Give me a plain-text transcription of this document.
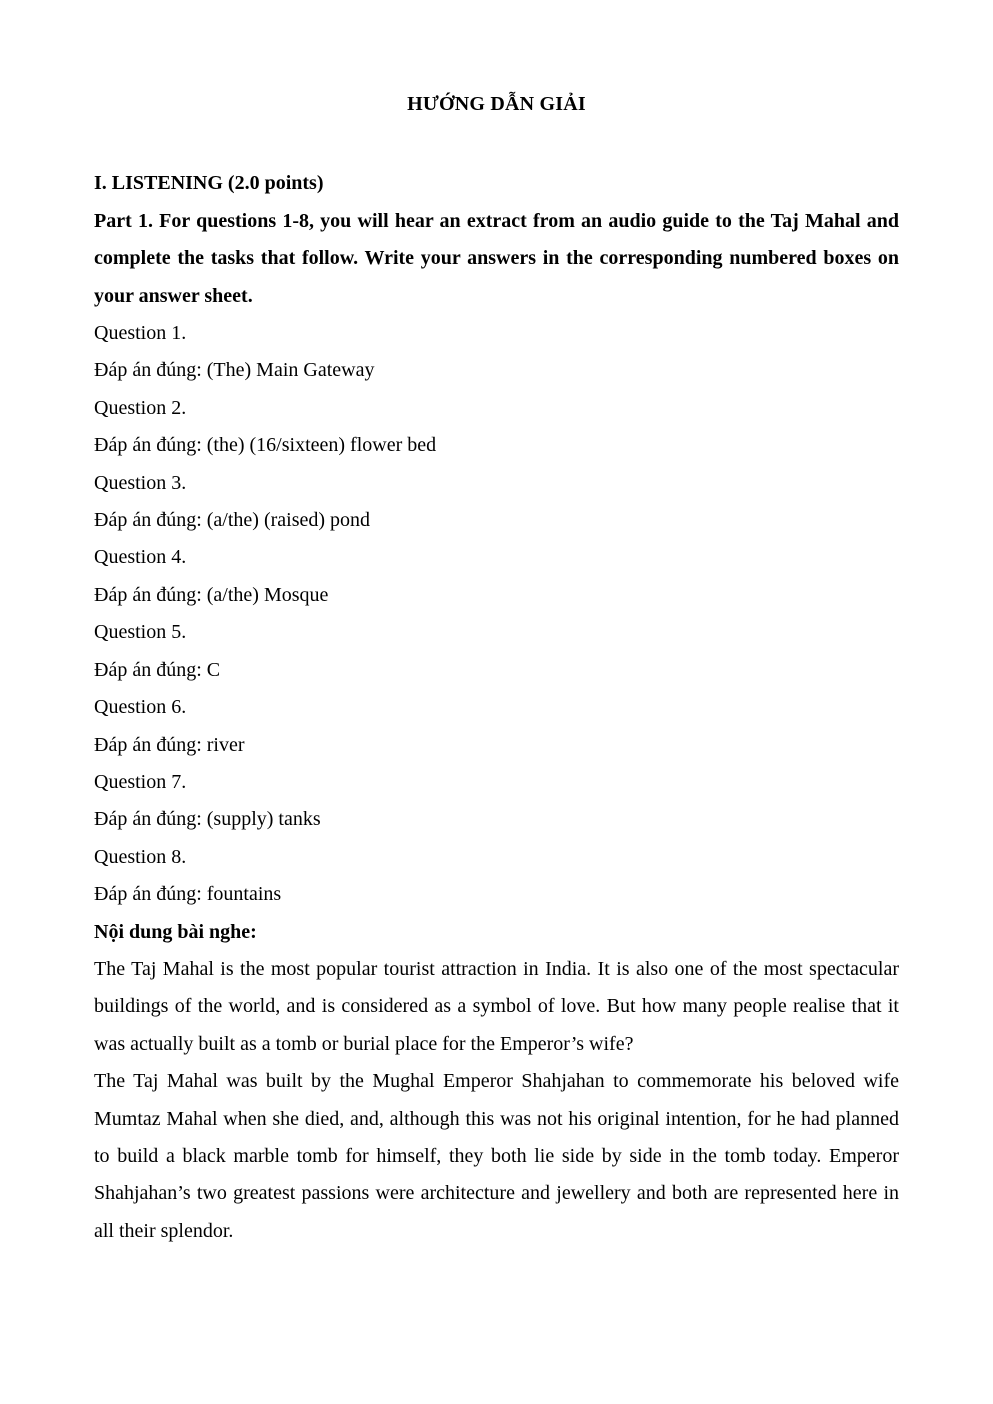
HƯỚNG DẪN GIẢI
I. LISTENING (2.0 points)
Part 1. For questions 1-8, you will hear an extract from an audio guide to the Taj Mahal and complete the tasks that follow. Write your answers in the corresponding numbered boxes on your answer sheet.
Question 1.
Đáp án đúng: (The) Main Gateway
Question 2.
Đáp án đúng: (the) (16/sixteen) flower bed
Question 3.
Đáp án đúng: (a/the) (raised) pond
Question 4.
Đáp án đúng: (a/the) Mosque
Question 5.
Đáp án đúng: C
Question 6.
Đáp án đúng: river
Question 7.
Đáp án đúng: (supply) tanks
Question 8.
Đáp án đúng: fountains
Nội dung bài nghe:
The Taj Mahal is the most popular tourist attraction in India. It is also one of the most spectacular buildings of the world, and is considered as a symbol of love. But how many people realise that it was actually built as a tomb or burial place for the Emperor’s wife?
The Taj Mahal was built by the Mughal Emperor Shahjahan to commemorate his beloved wife Mumtaz Mahal when she died, and, although this was not his original intention, for he had planned to build a black marble tomb for himself, they both lie side by side in the tomb today. Emperor Shahjahan’s two greatest passions were architecture and jewellery and both are represented here in all their splendor.
